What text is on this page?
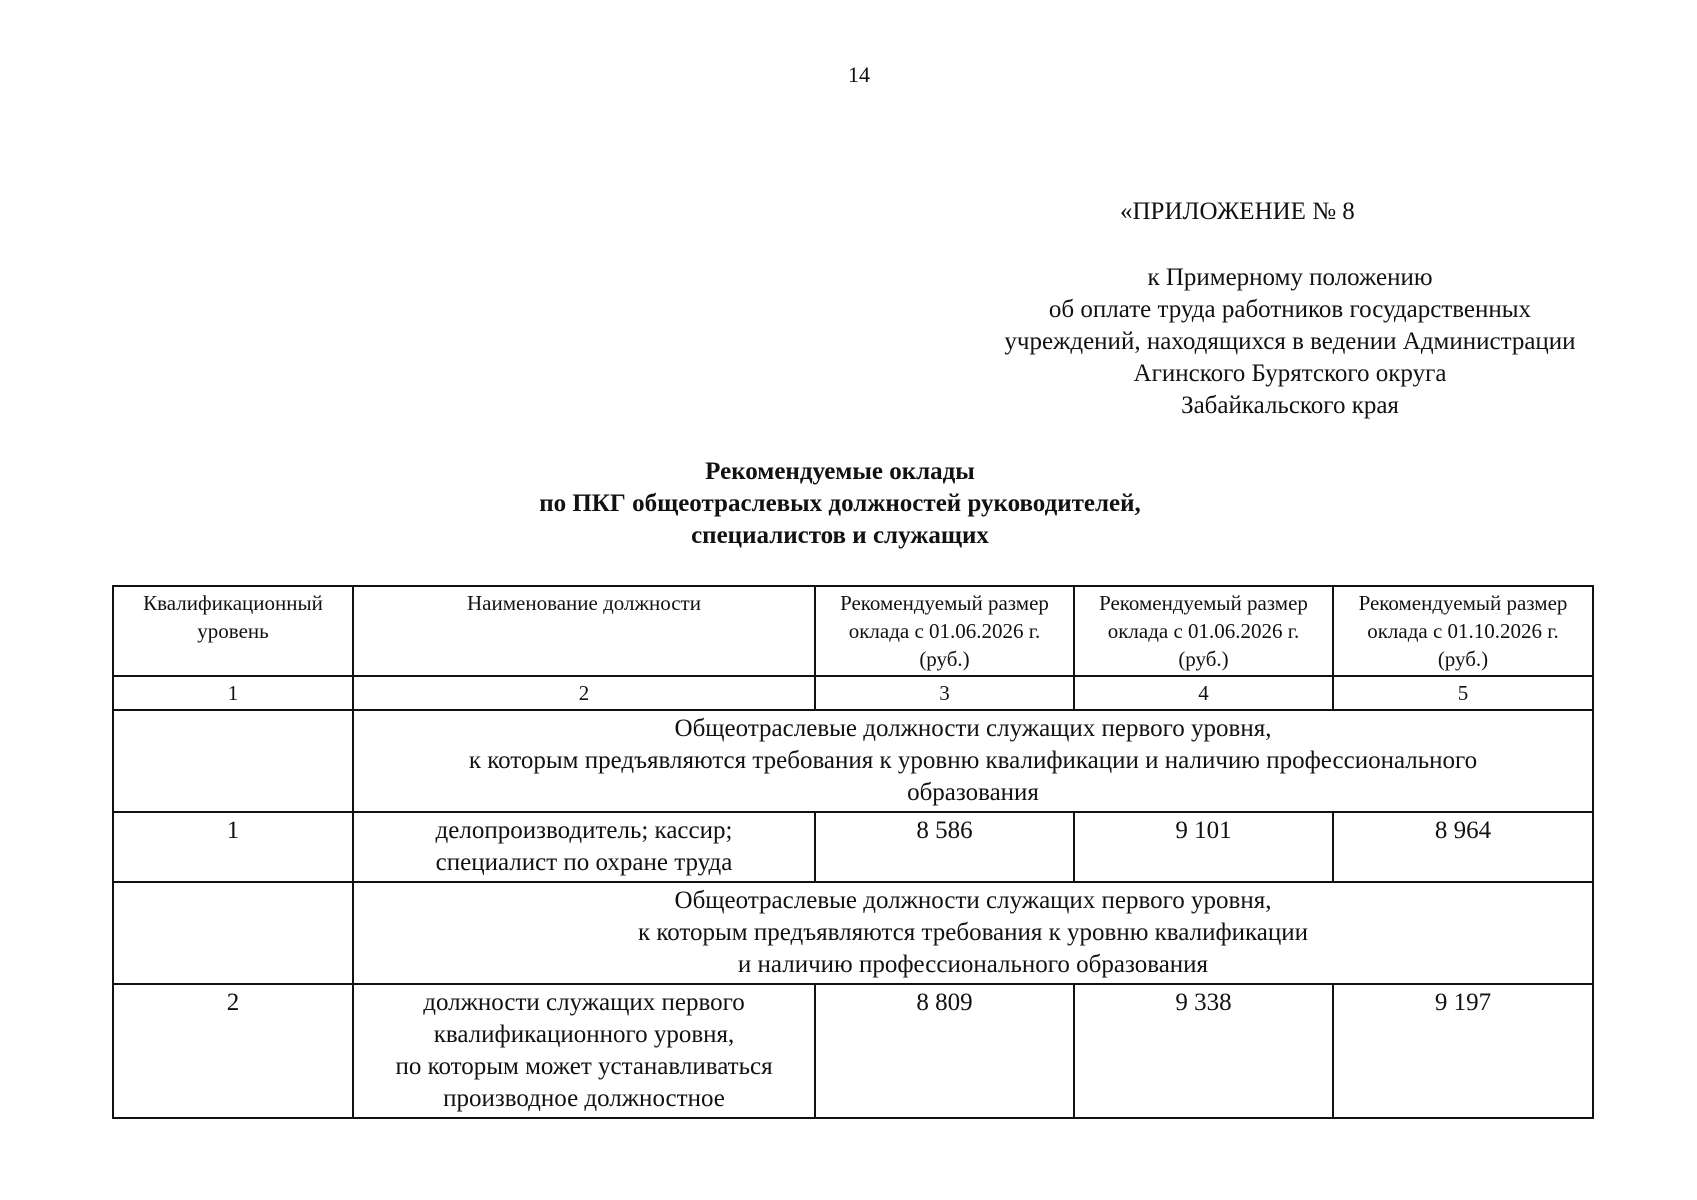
14
«ПРИЛОЖЕНИЕ № 8
к Примерному положению
об оплате труда работников государственных
учреждений, находящихся в ведении Администрации
Агинского Бурятского округа
Забайкальского края
Рекомендуемые оклады
по ПКГ общеотраслевых должностей руководителей,
специалистов и служащих
Квалификационный
уровень	Наименование должности	Рекомендуемый размер
оклада с 01.06.2026 г.
(руб.)	Рекомендуемый размер
оклада с 01.06.2026 г.
(руб.)	Рекомендуемый размер
оклада с 01.10.2026 г.
(руб.)

1	2	3	4	5

	Общеотраслевые должности служащих первого уровня,
к которым предъявляются требования к уровню квалификации и наличию профессионального
образования			

1	делопроизводитель; кассир;
специалист по охране труда	8 586	9 101	8 964

	Общеотраслевые должности служащих первого уровня,
к которым предъявляются требования к уровню квалификации
и наличию профессионального образования			

2	должности служащих первого
квалификационного уровня,
по которым может устанавливаться
производное должностное	8 809	9 338	9 197
